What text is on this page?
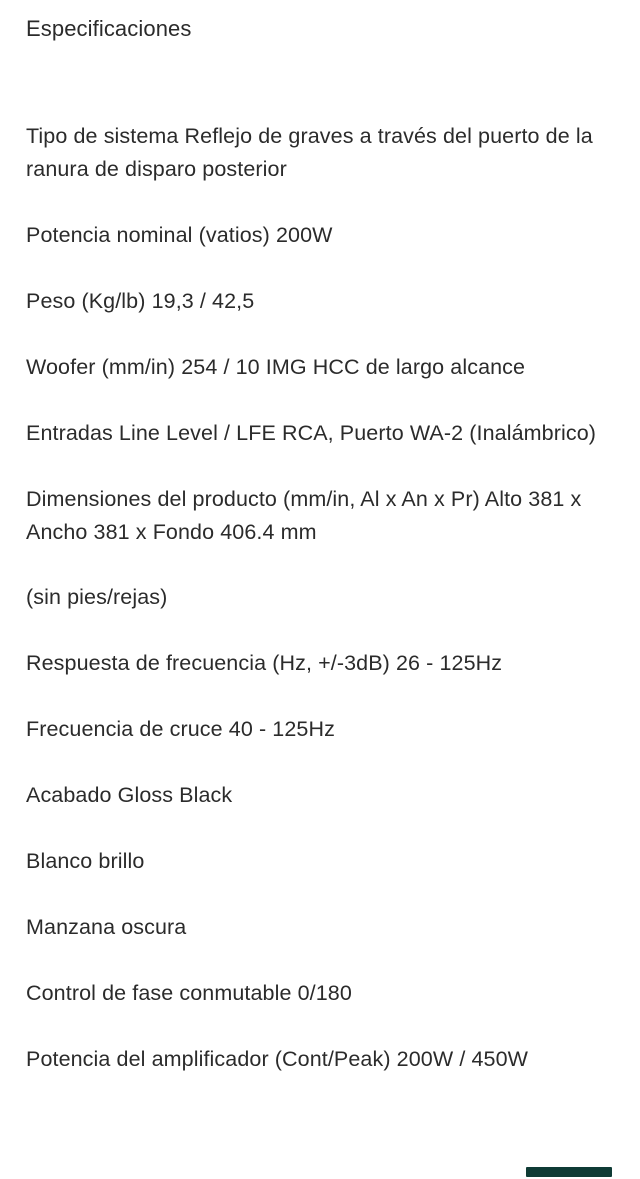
Especificaciones
Tipo de sistema Reflejo de graves a través del puerto de la ranura de disparo posterior
Potencia nominal (vatios) 200W
Peso (Kg/lb) 19,3 / 42,5
Woofer (mm/in) 254 / 10 IMG HCC de largo alcance
Entradas Line Level / LFE RCA, Puerto WA-2 (Inalámbrico)
Dimensiones del producto (mm/in, Al x An x Pr) Alto 381 x Ancho 381 x Fondo 406.4 mm
(sin pies/rejas)
Respuesta de frecuencia (Hz, +/-3dB) 26 - 125Hz
Frecuencia de cruce 40 - 125Hz
Acabado Gloss Black
Blanco brillo
Manzana oscura
Control de fase conmutable 0/180
Potencia del amplificador (Cont/Peak) 200W / 450W
